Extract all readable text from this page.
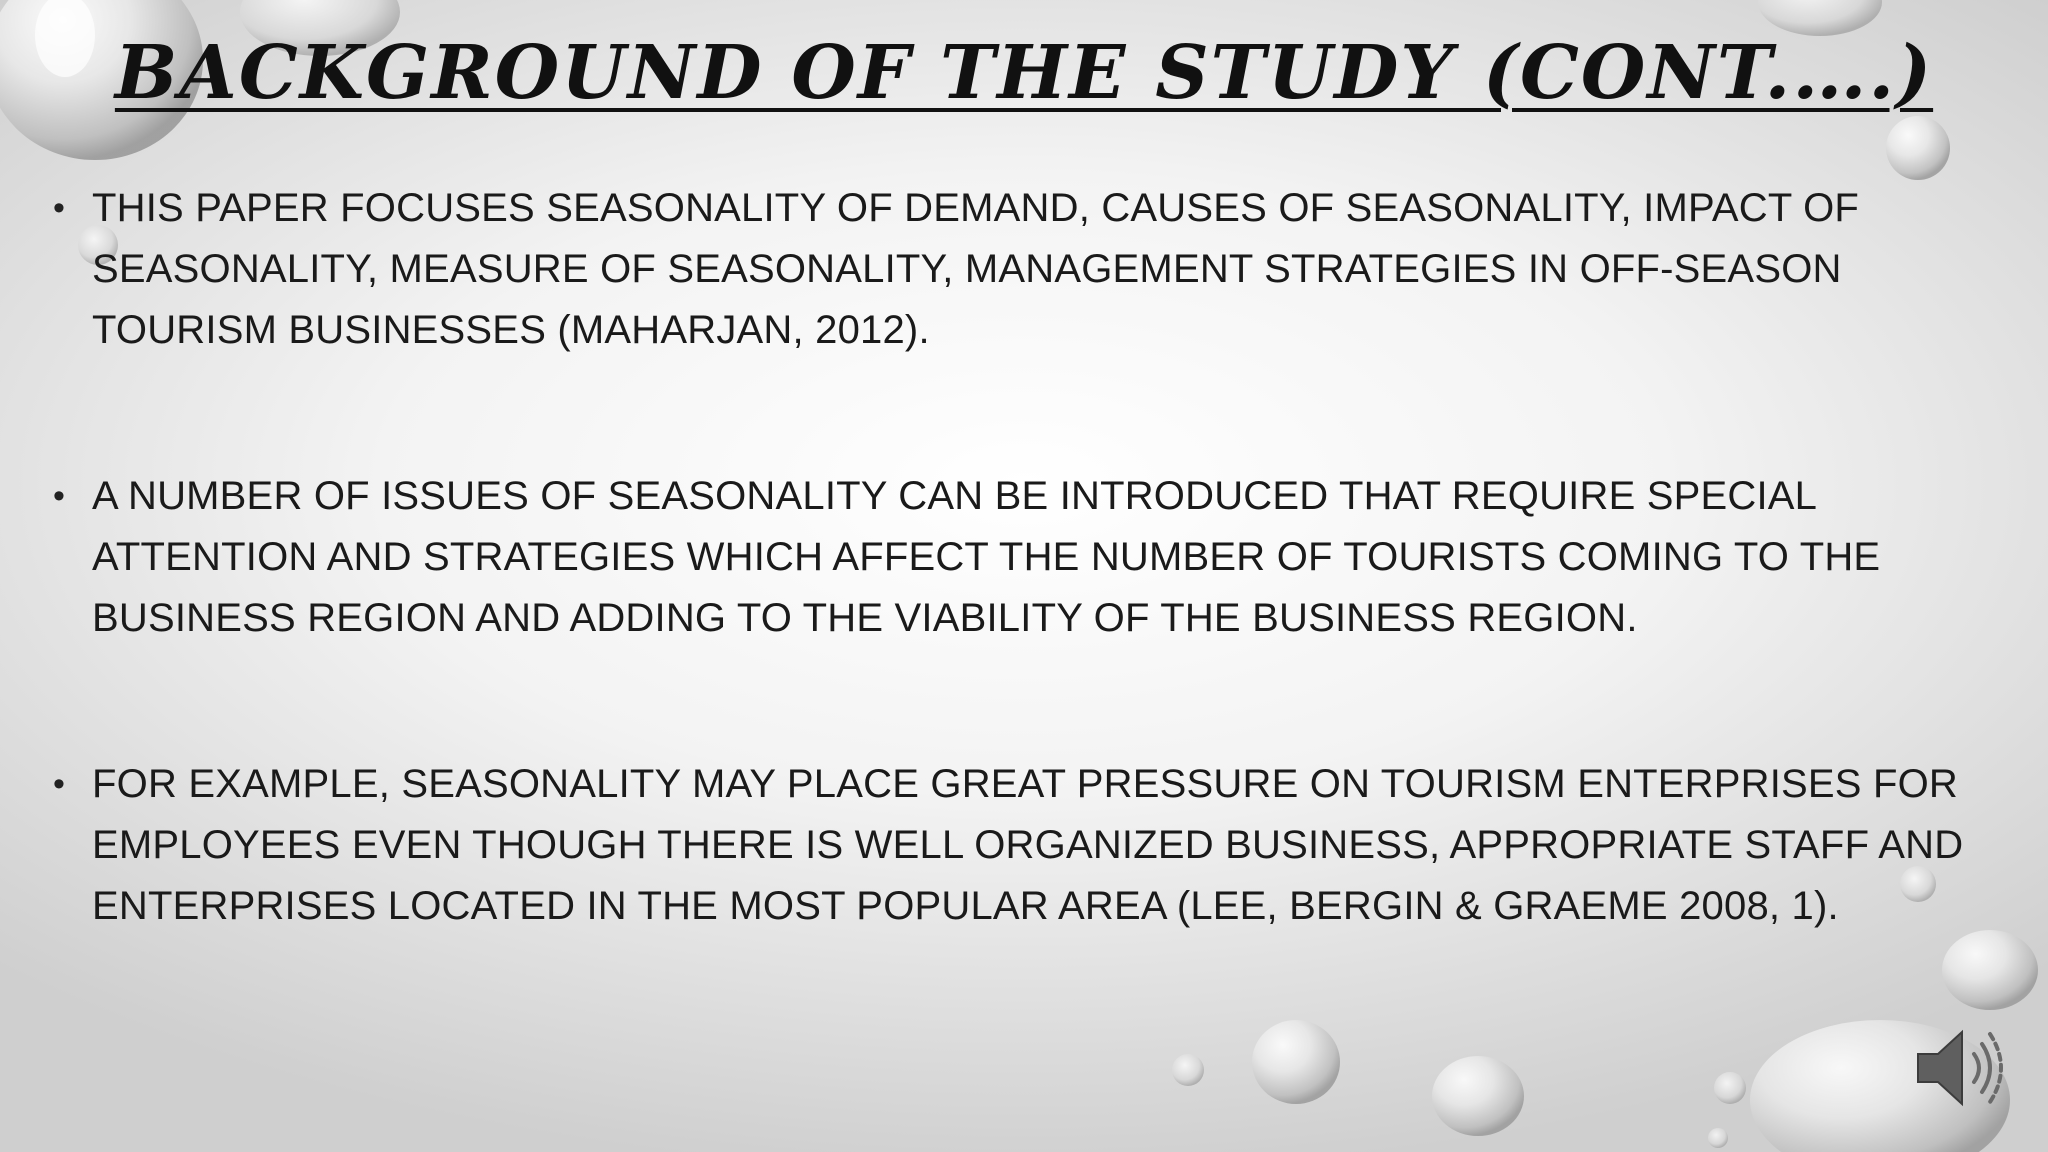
BACKGROUND OF THE STUDY (CONT.….)
• THIS PAPER FOCUSES SEASONALITY OF DEMAND, CAUSES OF SEASONALITY, IMPACT OF SEASONALITY, MEASURE OF SEASONALITY, MANAGEMENT STRATEGIES IN OFF-SEASON TOURISM BUSINESSES (MAHARJAN, 2012).
• A NUMBER OF ISSUES OF SEASONALITY CAN BE INTRODUCED THAT REQUIRE SPECIAL ATTENTION AND STRATEGIES WHICH AFFECT THE NUMBER OF TOURISTS COMING TO THE BUSINESS REGION AND ADDING TO THE VIABILITY OF THE BUSINESS REGION.
• FOR EXAMPLE, SEASONALITY MAY PLACE GREAT PRESSURE ON TOURISM ENTERPRISES FOR EMPLOYEES EVEN THOUGH THERE IS WELL ORGANIZED BUSINESS, APPROPRIATE STAFF AND ENTERPRISES LOCATED IN THE MOST POPULAR AREA (LEE, BERGIN & GRAEME 2008, 1).
